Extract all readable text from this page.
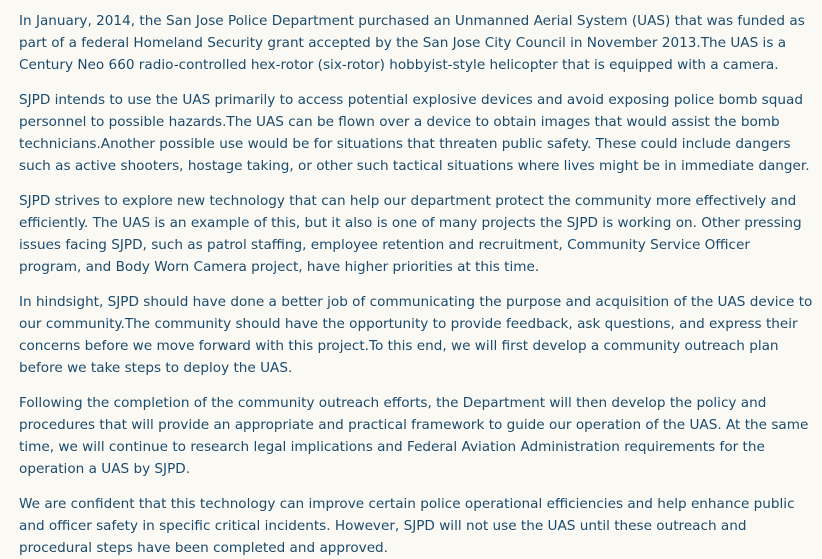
In January, 2014, the San Jose Police Department purchased an Unmanned Aerial System (UAS) that was funded as part of a federal Homeland Security grant accepted by the San Jose City Council in November 2013.The UAS is a Century Neo 660 radio-controlled hex-rotor (six-rotor) hobbyist-style helicopter that is equipped with a camera.

SJPD intends to use the UAS primarily to access potential explosive devices and avoid exposing police bomb squad personnel to possible hazards.The UAS can be flown over a device to obtain images that would assist the bomb technicians.Another possible use would be for situations that threaten public safety. These could include dangers such as active shooters, hostage taking, or other such tactical situations where lives might be in immediate danger.

SJPD strives to explore new technology that can help our department protect the community more effectively and efficiently. The UAS is an example of this, but it also is one of many projects the SJPD is working on. Other pressing issues facing SJPD, such as patrol staffing, employee retention and recruitment, Community Service Officer program, and Body Worn Camera project, have higher priorities at this time.

In hindsight, SJPD should have done a better job of communicating the purpose and acquisition of the UAS device to our community.The community should have the opportunity to provide feedback, ask questions, and express their concerns before we move forward with this project.To this end, we will first develop a community outreach plan before we take steps to deploy the UAS.

Following the completion of the community outreach efforts, the Department will then develop the policy and procedures that will provide an appropriate and practical framework to guide our operation of the UAS. At the same time, we will continue to research legal implications and Federal Aviation Administration requirements for the operation a UAS by SJPD.

We are confident that this technology can improve certain police operational efficiencies and help enhance public and officer safety in specific critical incidents. However, SJPD will not use the UAS until these outreach and procedural steps have been completed and approved.
